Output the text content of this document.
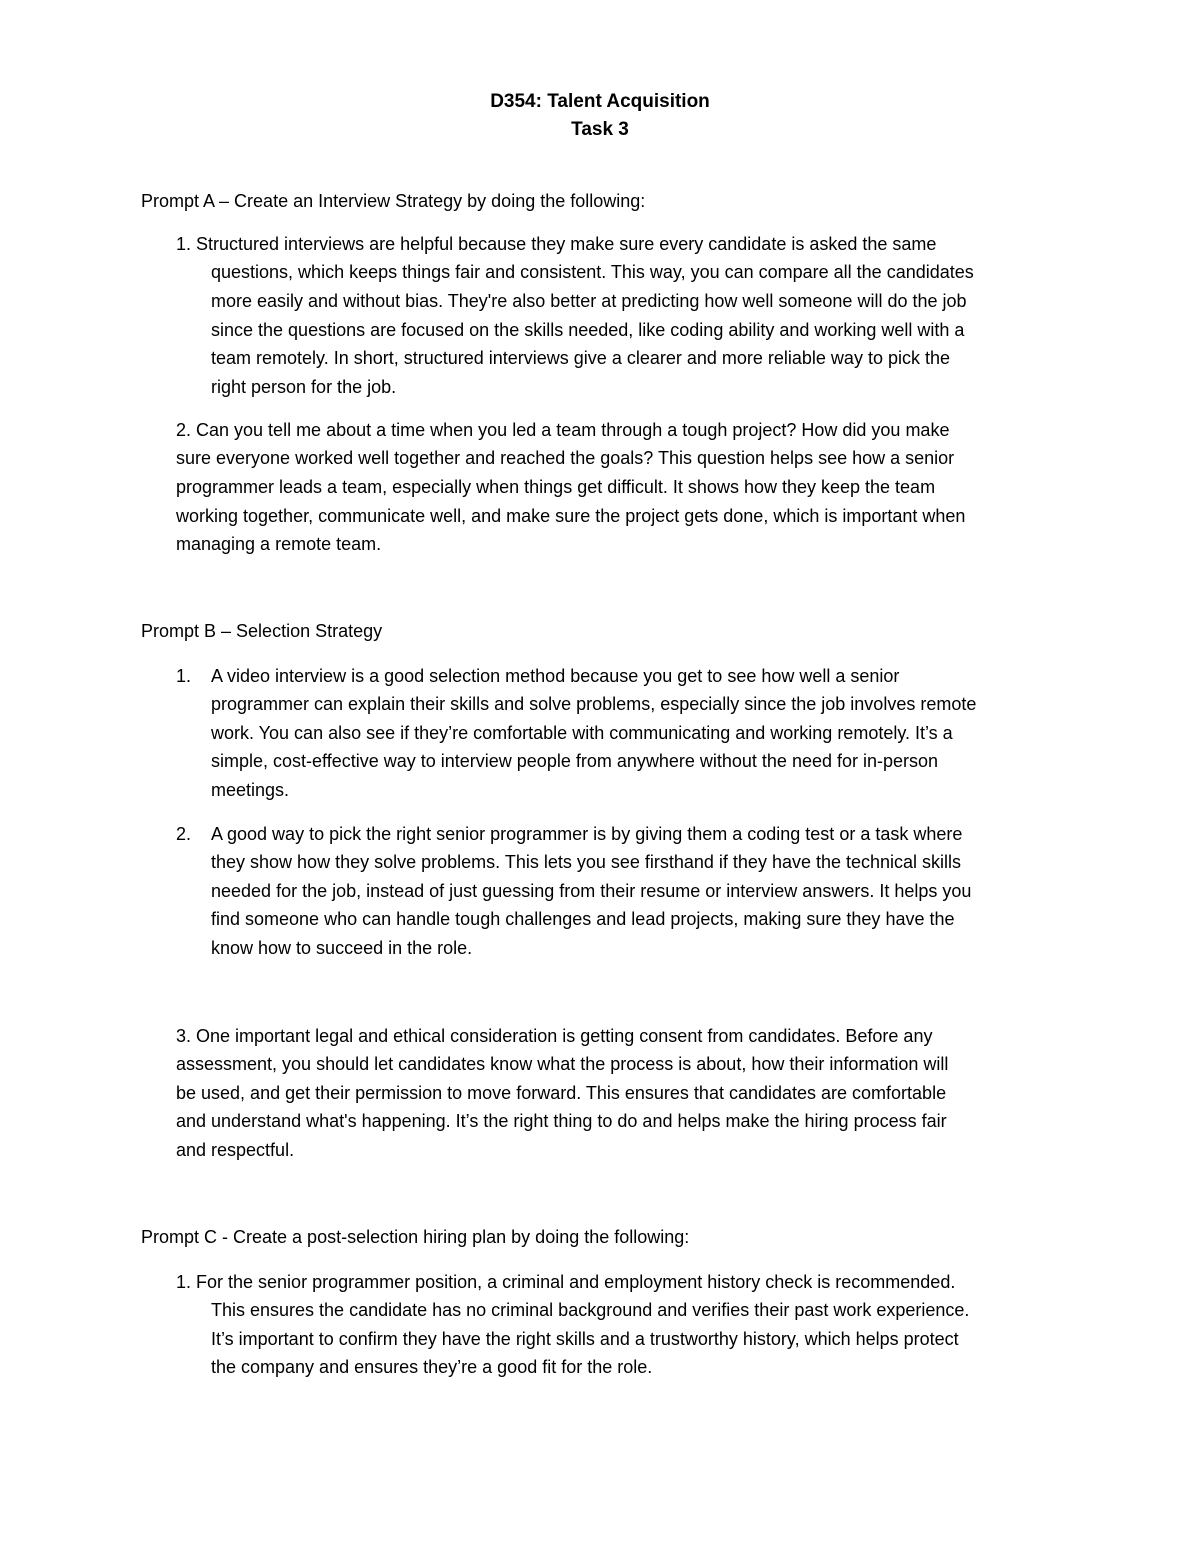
D354: Talent Acquisition
Task 3
Prompt A – Create an Interview Strategy by doing the following:
1. Structured interviews are helpful because they make sure every candidate is asked the same
questions, which keeps things fair and consistent. This way, you can compare all the candidates
more easily and without bias. They're also better at predicting how well someone will do the job
since the questions are focused on the skills needed, like coding ability and working well with a
team remotely. In short, structured interviews give a clearer and more reliable way to pick the
right person for the job.
2. Can you tell me about a time when you led a team through a tough project? How did you make
sure everyone worked well together and reached the goals? This question helps see how a senior
programmer leads a team, especially when things get difficult. It shows how they keep the team
working together, communicate well, and make sure the project gets done, which is important when
managing a remote team.
Prompt B – Selection Strategy
1. A video interview is a good selection method because you get to see how well a senior
programmer can explain their skills and solve problems, especially since the job involves remote
work. You can also see if they’re comfortable with communicating and working remotely. It’s a
simple, cost-effective way to interview people from anywhere without the need for in-person
meetings.
2. A good way to pick the right senior programmer is by giving them a coding test or a task where
they show how they solve problems. This lets you see firsthand if they have the technical skills
needed for the job, instead of just guessing from their resume or interview answers. It helps you
find someone who can handle tough challenges and lead projects, making sure they have the
know how to succeed in the role.
3. One important legal and ethical consideration is getting consent from candidates. Before any
assessment, you should let candidates know what the process is about, how their information will
be used, and get their permission to move forward. This ensures that candidates are comfortable
and understand what's happening. It’s the right thing to do and helps make the hiring process fair
and respectful.
Prompt C - Create a post-selection hiring plan by doing the following:
1. For the senior programmer position, a criminal and employment history check is recommended.
This ensures the candidate has no criminal background and verifies their past work experience.
It’s important to confirm they have the right skills and a trustworthy history, which helps protect
the company and ensures they’re a good fit for the role.
